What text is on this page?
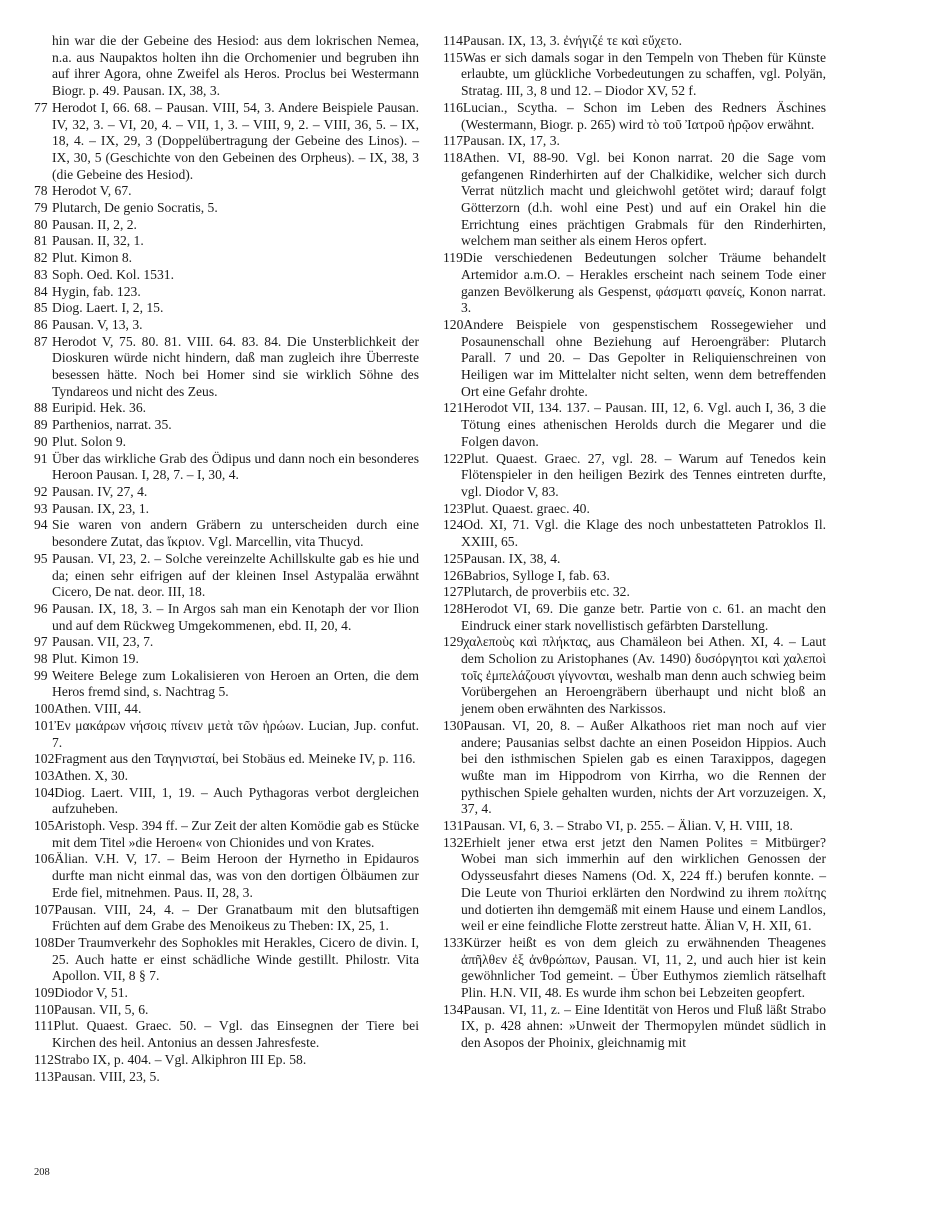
hin war die der Gebeine des Hesiod: aus dem lokrischen Nemea, n.a. aus Naupaktos holten ihn die Orchomenier und begruben ihn auf ihrer Agora, ohne Zweifel als Heros. Proclus bei Westermann Biogr. p. 49. Pausan. IX, 38, 3.

77 Herodot I, 66. 68. – Pausan. VIII, 54, 3. Andere Beispiele Pausan. IV, 32, 3. – VI, 20, 4. – VII, 1, 3. – VIII, 9, 2. – VIII, 36, 5. – IX, 18, 4. – IX, 29, 3 (Doppelübertragung der Gebeine des Linos). – IX, 30, 5 (Geschichte von den Gebeinen des Orpheus). – IX, 38, 3 (die Gebeine des Hesiod).

78 Herodot V, 67.

79 Plutarch, De genio Socratis, 5.

80 Pausan. II, 2, 2.

81 Pausan. II, 32, 1.

82 Plut. Kimon 8.

83 Soph. Oed. Kol. 1531.

84 Hygin, fab. 123.

85 Diog. Laert. I, 2, 15.

86 Pausan. V, 13, 3.

87 Herodot V, 75. 80. 81. VIII. 64. 83. 84. Die Unsterblichkeit der Dioskuren würde nicht hindern, daß man zugleich ihre Überreste besessen hätte. Noch bei Homer sind sie wirklich Söhne des Tyndareos und nicht des Zeus.

88 Euripid. Hek. 36.

89 Parthenios, narrat. 35.

90 Plut. Solon 9.

91 Über das wirkliche Grab des Ödipus und dann noch ein besonderes Heroon Pausan. I, 28, 7. – I, 30, 4.

92 Pausan. IV, 27, 4.

93 Pausan. IX, 23, 1.

94 Sie waren von andern Gräbern zu unterscheiden durch eine besondere Zutat, das ἴκριον. Vgl. Marcellin, vita Thucyd.

95 Pausan. VI, 23, 2. – Solche vereinzelte Achillskulte gab es hie und da; einen sehr eifrigen auf der kleinen Insel Astypaläa erwähnt Cicero, De nat. deor. III, 18.

96 Pausan. IX, 18, 3. – In Argos sah man ein Kenotaph der vor Ilion und auf dem Rückweg Umgekommenen, ebd. II, 20, 4.

97 Pausan. VII, 23, 7.

98 Plut. Kimon 19.

99 Weitere Belege zum Lokalisieren von Heroen an Orten, die dem Heros fremd sind, s. Nachtrag 5.

100Athen. VIII, 44.

101Ἐν μακάρων νήσοις πίνειν μετὰ τῶν ἡρώων. Lucian, Jup. confut. 7.

102Fragment aus den Ταγηνισταί, bei Stobäus ed. Meineke IV, p. 116.

103Athen. X, 30.

104Diog. Laert. VIII, 1, 19. – Auch Pythagoras verbot dergleichen aufzuheben.

105Aristoph. Vesp. 394 ff. – Zur Zeit der alten Komödie gab es Stücke mit dem Titel »die Heroen« von Chionides und von Krates.

106Älian. V.H. V, 17. – Beim Heroon der Hyrnetho in Epidauros durfte man nicht einmal das, was von den dortigen Ölbäumen zur Erde fiel, mitnehmen. Paus. II, 28, 3.

107Pausan. VIII, 24, 4. – Der Granatbaum mit den blutsaftigen Früchten auf dem Grabe des Menoikeus zu Theben: IX, 25, 1.

108Der Traumverkehr des Sophokles mit Herakles, Cicero de divin. I, 25. Auch hatte er einst schädliche Winde gestillt. Philostr. Vita Apollon. VII, 8 § 7.

109Diodor V, 51.

110Pausan. VII, 5, 6.

111Plut. Quaest. Graec. 50. – Vgl. das Einsegnen der Tiere bei Kirchen des heil. Antonius an dessen Jahresfeste.

112Strabo IX, p. 404. – Vgl. Alkiphron III Ep. 58.

113Pausan. VIII, 23, 5.

114Pausan. IX, 13, 3. ἐνήγιζέ τε καὶ εὔχετο.

115Was er sich damals sogar in den Tempeln von Theben für Künste erlaubte, um glückliche Vorbedeutungen zu schaffen, vgl. Polyän, Stratag. III, 3, 8 und 12. – Diodor XV, 52 f.

116Lucian., Scytha. – Schon im Leben des Redners Äschines (Westermann, Biogr. p. 265) wird τὸ τοῦ Ἰατροῦ ἡρῷον erwähnt.

117Pausan. IX, 17, 3.

118Athen. VI, 88-90. Vgl. bei Konon narrat. 20 die Sage vom gefangenen Rinderhirten auf der Chalkidike, welcher sich durch Verrat nützlich macht und gleichwohl getötet wird; darauf folgt Götterzorn (d.h. wohl eine Pest) und auf ein Orakel hin die Errichtung eines prächtigen Grabmals für den Rinderhirten, welchem man seither als einem Heros opfert.

119Die verschiedenen Bedeutungen solcher Träume behandelt Artemidor a.m.O. – Herakles erscheint nach seinem Tode einer ganzen Bevölkerung als Gespenst, φάσματι φανείς, Konon narrat. 3.

120Andere Beispiele von gespenstischem Rossegewieher und Posaunenschall ohne Beziehung auf Heroengräber: Plutarch Parall. 7 und 20. – Das Gepolter in Reliquienschreinen von Heiligen war im Mittelalter nicht selten, wenn dem betreffenden Ort eine Gefahr drohte.

121Herodot VII, 134. 137. – Pausan. III, 12, 6. Vgl. auch I, 36, 3 die Tötung eines athenischen Herolds durch die Megarer und die Folgen davon.

122Plut. Quaest. Graec. 27, vgl. 28. – Warum auf Tenedos kein Flötenspieler in den heiligen Bezirk des Tennes eintreten durfte, vgl. Diodor V, 83.

123Plut. Quaest. graec. 40.

124Od. XI, 71. Vgl. die Klage des noch unbestatteten Patroklos Il. XXIII, 65.

125Pausan. IX, 38, 4.

126Babrios, Sylloge I, fab. 63.

127Plutarch, de proverbiis etc. 32.

128Herodot VI, 69. Die ganze betr. Partie von c. 61. an macht den Eindruck einer stark novellistisch gefärbten Darstellung.

129χαλεποὺς καὶ πλήκτας, aus Chamäleon bei Athen. XI, 4. – Laut dem Scholion zu Aristophanes (Av. 1490) δυσόργητοι καὶ χαλεποὶ τοῖς ἐμπελάζουσι γίγνονται, weshalb man denn auch schwieg beim Vorübergehen an Heroengräbern überhaupt und nicht bloß an jenem oben erwähnten des Narkissos.

130Pausan. VI, 20, 8. – Außer Alkathoos riet man noch auf vier andere; Pausanias selbst dachte an einen Poseidon Hippios. Auch bei den isthmischen Spielen gab es einen Taraxippos, dagegen wußte man im Hippodrom von Kirrha, wo die Rennen der pythischen Spiele gehalten wurden, nichts der Art vorzuzeigen. X, 37, 4.

131Pausan. VI, 6, 3. – Strabo VI, p. 255. – Älian. V, H. VIII, 18.

132Erhielt jener etwa erst jetzt den Namen Polites = Mitbürger? Wobei man sich immerhin auf den wirklichen Genossen der Odysseusfahrt dieses Namens (Od. X, 224 ff.) berufen konnte. – Die Leute von Thurioi erklärten den Nordwind zu ihrem πολίτης und dotierten ihn demgemäß mit einem Hause und einem Landlos, weil er eine feindliche Flotte zerstreut hatte. Älian V, H. XII, 61.

133Kürzer heißt es von dem gleich zu erwähnenden Theagenes ἀπῆλθεν ἐξ ἀνθρώπων, Pausan. VI, 11, 2, und auch hier ist kein gewöhnlicher Tod gemeint. – Über Euthymos ziemlich rätselhaft Plin. H.N. VII, 48. Es wurde ihm schon bei Lebzeiten geopfert.

134Pausan. VI, 11, z. – Eine Identität von Heros und Fluß läßt Strabo IX, p. 428 ahnen: »Unweit der Thermopylen mündet südlich in den Asopos der Phoinix, gleichnamig mit

208
